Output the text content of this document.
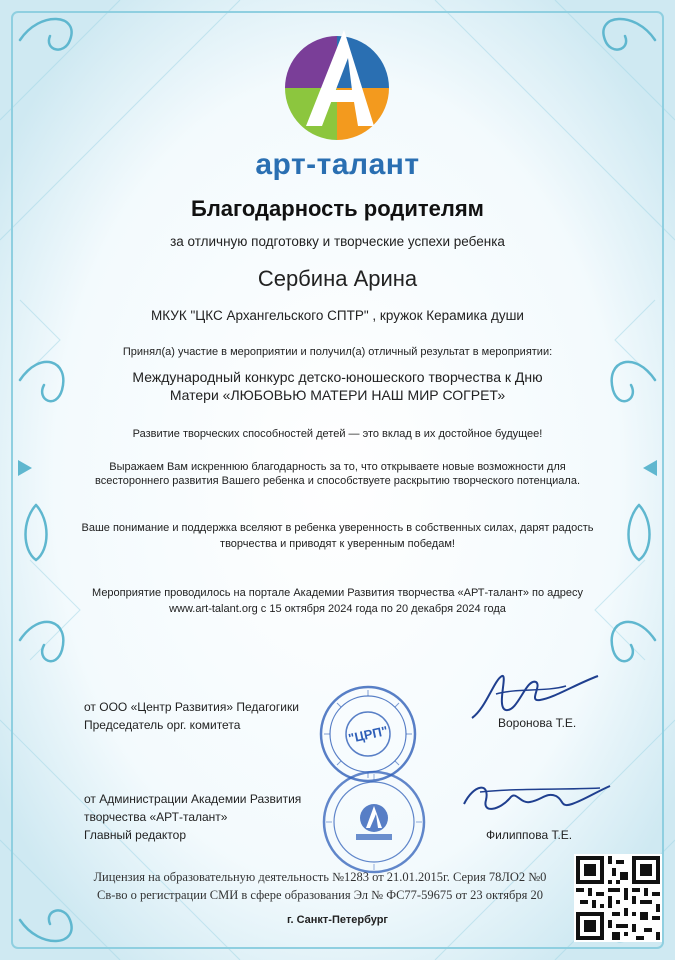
арт-талант
Благодарность родителям
за отличную подготовку и творческие успехи ребенка
Сербина Арина
МКУК "ЦКС Архангельского СПТР" , кружок Керамика души
Принял(а) участие в мероприятии и получил(а) отличный результат в мероприятии:
Международный конкурс детско-юношеского творчества к Дню Матери «ЛЮБОВЬЮ МАТЕРИ НАШ МИР СОГРЕТ»
Развитие творческих способностей детей — это вклад в их достойное будущее!
Выражаем Вам искреннюю благодарность за то, что открываете новые возможности для всестороннего развития Вашего ребенка и способствуете раскрытию творческого потенциала.
Ваше понимание и поддержка вселяют в ребенка уверенность в собственных силах, дарят радость творчества и приводят к уверенным победам!
Мероприятие проводилось на портале Академии Развития творчества «АРТ-талант» по адресу www.art-talant.org с 15 октября 2024 года по 20 декабря 2024 года
"ЦРП"
от ООО «Центр Развития» Педагогики
Председатель орг. комитета	Воронова Т.Е.
от Администрации Академии Развития
творчества «АРТ-талант»
Главный редактор	Филиппова Т.Е.
Лицензия на образовательную деятельность №1283 от 21.01.2015г. Серия 78ЛО2 №0
Св-во о регистрации СМИ в сфере образования Эл № ФС77-59675 от 23 октября 20
г. Санкт-Петербург
